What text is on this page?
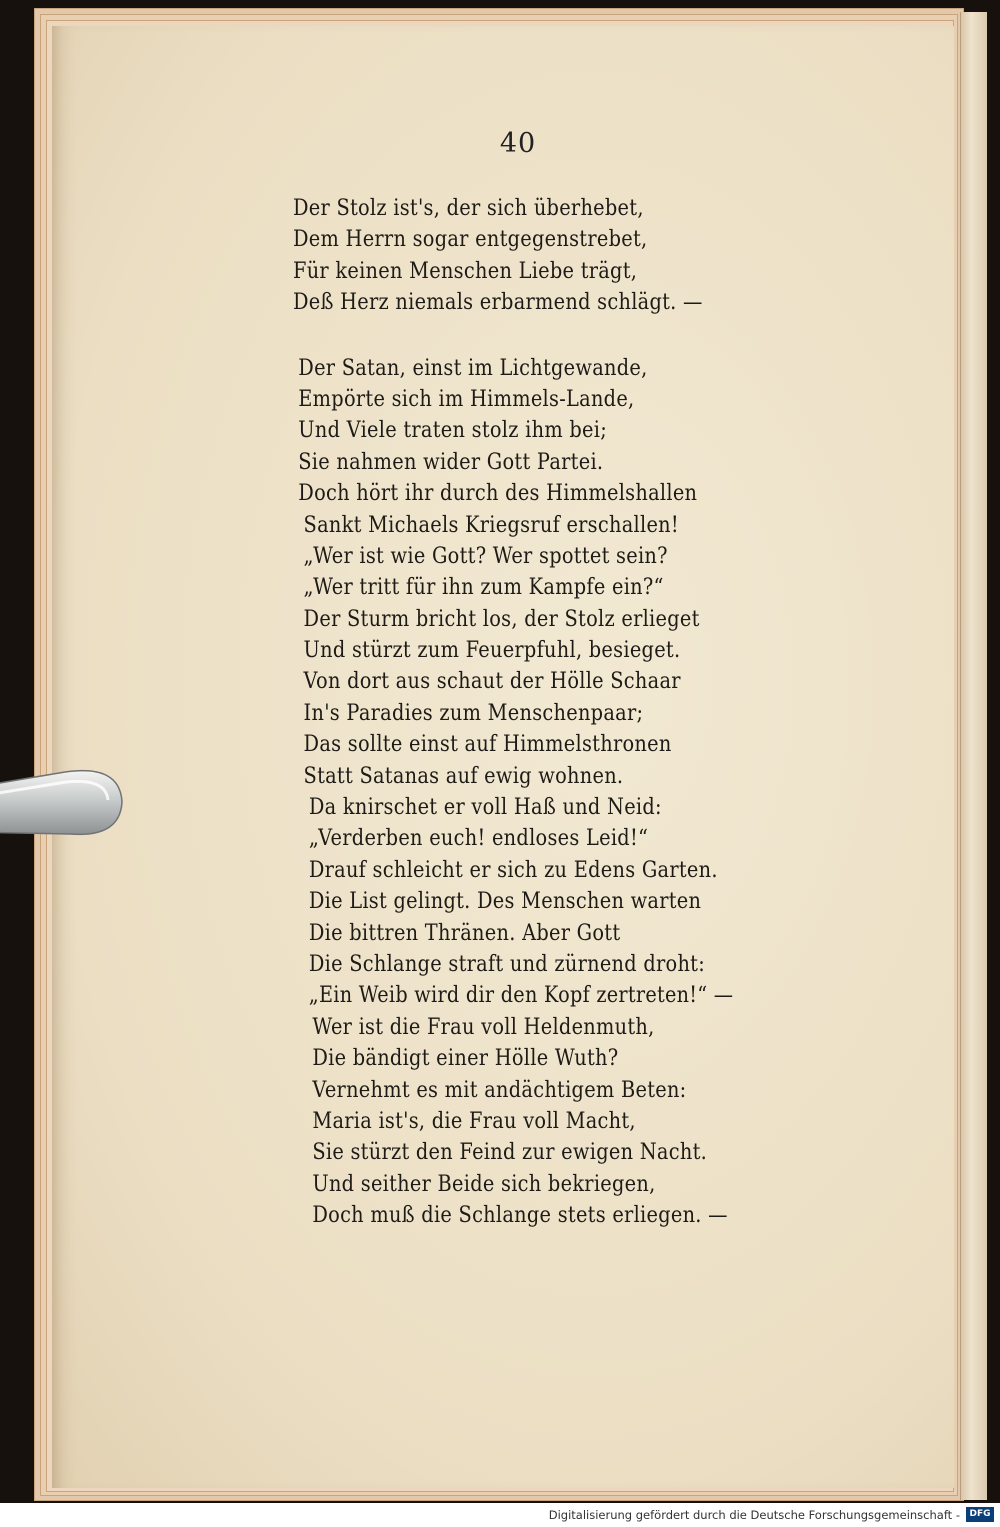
40
Der Stolz ist's, der sich überhebet,
Dem Herrn sogar entgegenstrebet,
Für keinen Menschen Liebe trägt,
Deß Herz niemals erbarmend schlägt. —
Der Satan, einst im Lichtgewande,
Empörte sich im Himmels-Lande,
Und Viele traten stolz ihm bei;
Sie nahmen wider Gott Partei.
Doch hört ihr durch des Himmelshallen
Sankt Michaels Kriegsruf erschallen!
„Wer ist wie Gott? Wer spottet sein?
„Wer tritt für ihn zum Kampfe ein?“
Der Sturm bricht los, der Stolz erlieget
Und stürzt zum Feuerpfuhl, besieget.
Von dort aus schaut der Hölle Schaar
In's Paradies zum Menschenpaar;
Das sollte einst auf Himmelsthronen
Statt Satanas auf ewig wohnen.
Da knirschet er voll Haß und Neid:
„Verderben euch! endloses Leid!“
Drauf schleicht er sich zu Edens Garten.
Die List gelingt. Des Menschen warten
Die bittren Thränen. Aber Gott
Die Schlange straft und zürnend droht:
„Ein Weib wird dir den Kopf zertreten!“ —
Wer ist die Frau voll Heldenmuth,
Die bändigt einer Hölle Wuth?
Vernehmt es mit andächtigem Beten:
Maria ist's, die Frau voll Macht,
Sie stürzt den Feind zur ewigen Nacht.
Und seither Beide sich bekriegen,
Doch muß die Schlange stets erliegen. —
Digitalisierung gefördert durch die Deutsche Forschungsgemeinschaft -	DFG
